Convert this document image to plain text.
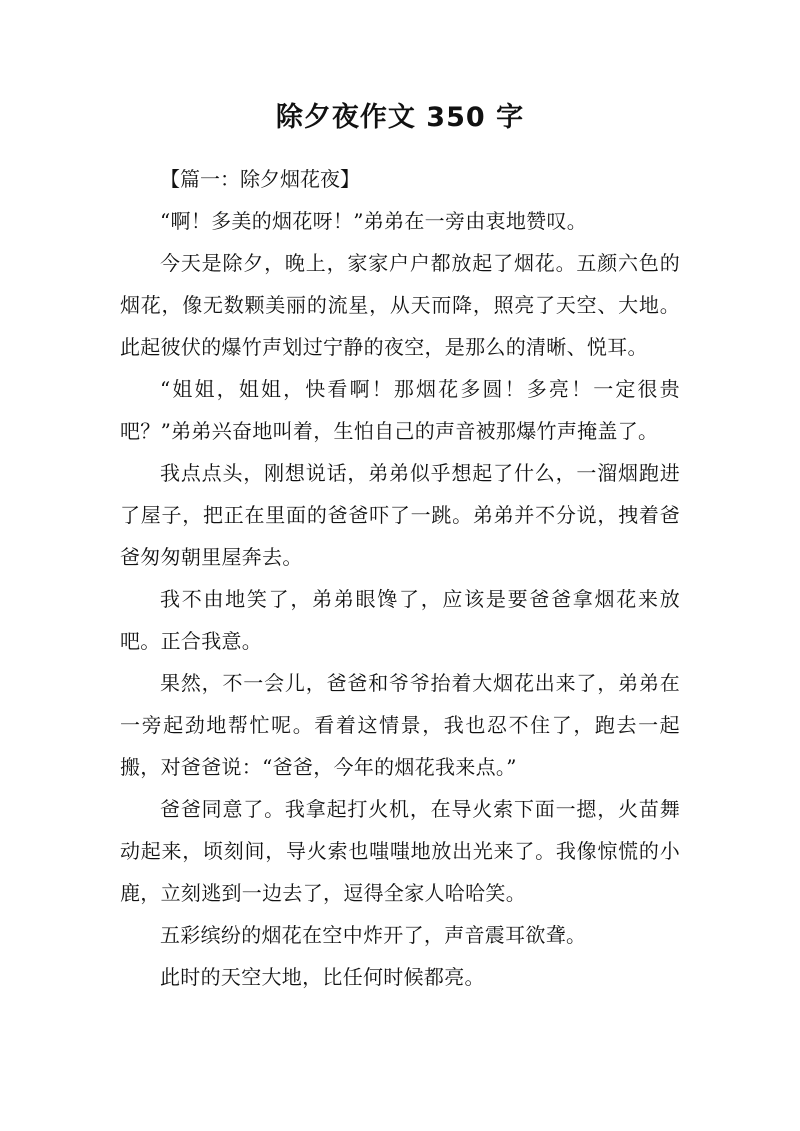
除夕夜作文 350 字

【篇一：除夕烟花夜】

“啊！多美的烟花呀！”弟弟在一旁由衷地赞叹。

今天是除夕，晚上，家家户户都放起了烟花。五颜六色的烟花，像无数颗美丽的流星，从天而降，照亮了天空、大地。此起彼伏的爆竹声划过宁静的夜空，是那么的清晰、悦耳。

“姐姐，姐姐，快看啊！那烟花多圆！多亮！一定很贵吧？”弟弟兴奋地叫着，生怕自己的声音被那爆竹声掩盖了。

我点点头，刚想说话，弟弟似乎想起了什么，一溜烟跑进了屋子，把正在里面的爸爸吓了一跳。弟弟并不分说，拽着爸爸匆匆朝里屋奔去。

我不由地笑了，弟弟眼馋了，应该是要爸爸拿烟花来放吧。正合我意。

果然，不一会儿，爸爸和爷爷抬着大烟花出来了，弟弟在一旁起劲地帮忙呢。看着这情景，我也忍不住了，跑去一起搬，对爸爸说：“爸爸，今年的烟花我来点。”

爸爸同意了。我拿起打火机，在导火索下面一摁，火苗舞动起来，顷刻间，导火索也嗤嗤地放出光来了。我像惊慌的小鹿，立刻逃到一边去了，逗得全家人哈哈笑。

五彩缤纷的烟花在空中炸开了，声音震耳欲聋。

此时的天空大地，比任何时候都亮。
